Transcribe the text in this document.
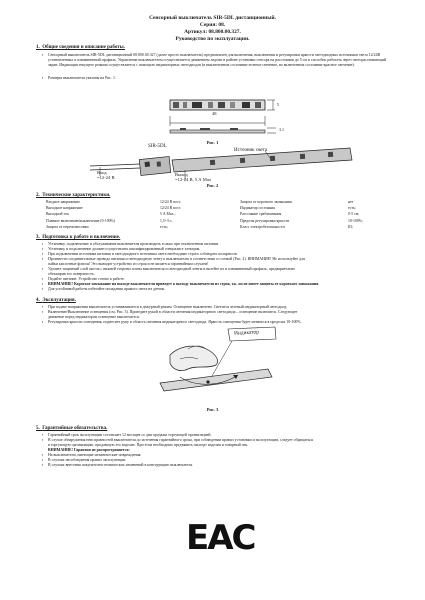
Сенсорный выключатель SIR-5DL дистанционный.
Серия: 08.
Артикул: 08.800.00.327.
Руководство по эксплуатации.
1.  Общие сведения и описание работы.
▪ Сенсорный выключатель SIR-5DL дистанционный 08.800.00.327 (далее просто выключатель) предназначен для включения, выключения и регулировки яркости светодиодных источников света 12/24В установленных в алюминиевый профиль. Управление выключателем осуществляется движением ладони в районе установки сенсора на расстоянии до 5 см и способно работать через светорассеивающий экран. Индикация текущего режима осуществляется с помощью индикаторных светодиодов (в выключенном состоянии-зеленое свечение, во включенном состоянии-красное свечение).
▪ Размеры выключателя указаны на Рис. 1.
48
5
3.1
Рис. 1
SIR-5DL
Источник света
Вход
=12-24 В
Выход
=12-24 В, 5 А Max
Рис. 2
2.  Технические характеристики.
Входное напряжение
Выходное напряжение
Выходной ток
Плавное включение/выключение (0-100%)
Защита от переполюсовки
12/24 В пост.
12/24 В пост.
5 А Max.;
1,5÷3 с;
есть;
Защита от короткого замыкания
Индикатор состояния
Расстояние срабатывания
Пределы регулировки яркости
Класс электробезопасности
нет
есть;
0-5 см;
10-100%;
III;
3.  Подготовка к работе и включение.
▪ Установку, подключение и обслуживание выключателя производить только при отключенном питании.
▪ Установку и подключение должен осуществлять квалифицированный специалист электрик.
▪ При подключении источника питания и светодиодного источника света необходимо строго соблюдать полярность.
▪ Произвести соединительные провода питания и светодиодную ленту к выключателю в соответствии со схемой (Рис. 2). ВНИМАНИЕ! Не используйте для
пайки кислотные флюсы! Это выводит устройство из строя и не является гарантийным случаем!
▪ Удалите защитный слой скотча с нижней стороны платы выключателя и светодиодной ленты и вклейте их в алюминиевый профиль, предварительно
обезжирив его поверхность.
▪ Подайте питание. Устройство готово к работе.
▪ ВНИМАНИЕ! Короткое замыкание на выходе выключателя приведет к выходу выключателя из строя, т.к. он не имеет защиты от короткого замыкания.
▪ Для устойчивой работы избегайте попадания прямого света на датчик.
4.  Эксплуатация.
▪ При подаче напряжения выключатель устанавливается в дежурный режим. Освещение выключено. Светится зеленый индикаторный светодиод.
▪ Включение/Выключение освещения (см. Рис. 3). Проведите рукой в области свечения индикаторного светодиода – освещение включится. Следующее
движение перед индикатором освещение выключается.
▪ Регулировка яркости освещения, поднесите руку в область свечения индикаторного светодиода. Яркость освещения будет меняться в пределах 10-100%.
Индикатор
Рис. 3
5.  Гарантийные обязательства.
▪ Гарантийный срок эксплуатации составляет 12 месяцев со дня продажи торгующей организацией.
▪ В случае обнаружения неисправностей выключателя до истечения гарантийного срока, при соблюдении правил установки и эксплуатации, следует обращаться
в торгующую организацию, продавшую это изделие. При этом необходимо предъявить паспорт изделия и товарный чек.
ВНИМАНИЕ! Гарантия не распространяется:
▪ На выключатели, имеющие механические повреждения.
▪ В случаях несоблюдения правил эксплуатации.
▪ В случаях внесения покупателем технических изменений в конструкцию выключателя.
EAC
